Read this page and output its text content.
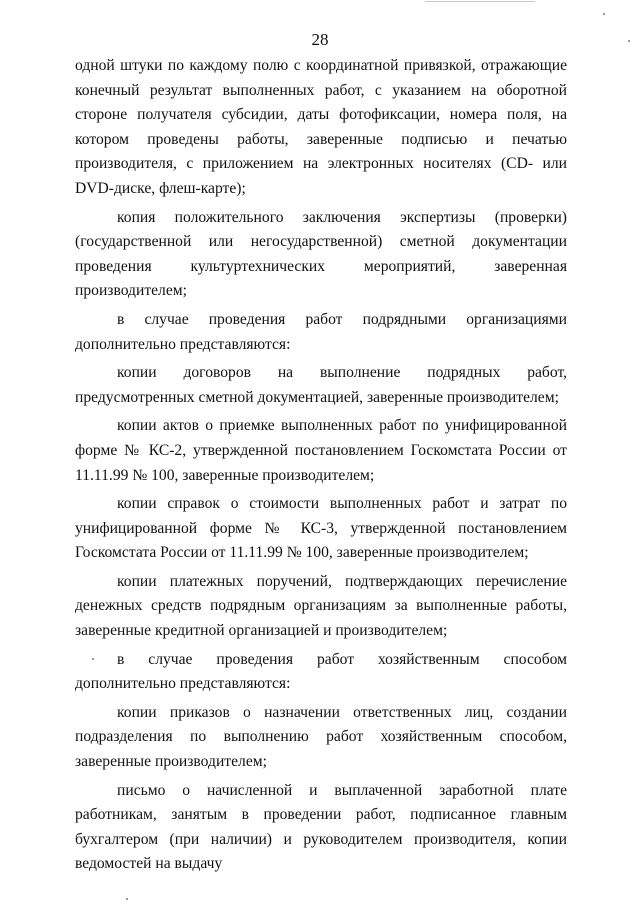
28

одной штуки по каждому полю с координатной привязкой, отражающие конечный результат выполненных работ, с указанием на оборотной стороне получателя субсидии, даты фотофиксации, номера поля, на котором проведены работы, заверенные подписью и печатью производителя, с приложением на электронных носителях (CD- или DVD-диске, флеш-карте);

копия положительного заключения экспертизы (проверки) (государственной или негосударственной) сметной документации проведения культуртехнических мероприятий, заверенная производителем;

в случае проведения работ подрядными организациями дополнительно представляются:

копии договоров на выполнение подрядных работ, предусмотренных сметной документацией, заверенные производителем;

копии актов о приемке выполненных работ по унифицированной форме № КС-2, утвержденной постановлением Госкомстата России от 11.11.99 № 100, заверенные производителем;

копии справок о стоимости выполненных работ и затрат по унифицированной форме № КС-3, утвержденной постановлением Госкомстата России от 11.11.99 № 100, заверенные производителем;

копии платежных поручений, подтверждающих перечисление денежных средств подрядным организациям за выполненные работы, заверенные кредитной организацией и производителем;

в случае проведения работ хозяйственным способом дополнительно представляются:

копии приказов о назначении ответственных лиц, создании подразделения по выполнению работ хозяйственным способом, заверенные производителем;

письмо о начисленной и выплаченной заработной плате работникам, занятым в проведении работ, подписанное главным бухгалтером (при наличии) и руководителем производителя, копии ведомостей на выдачу
